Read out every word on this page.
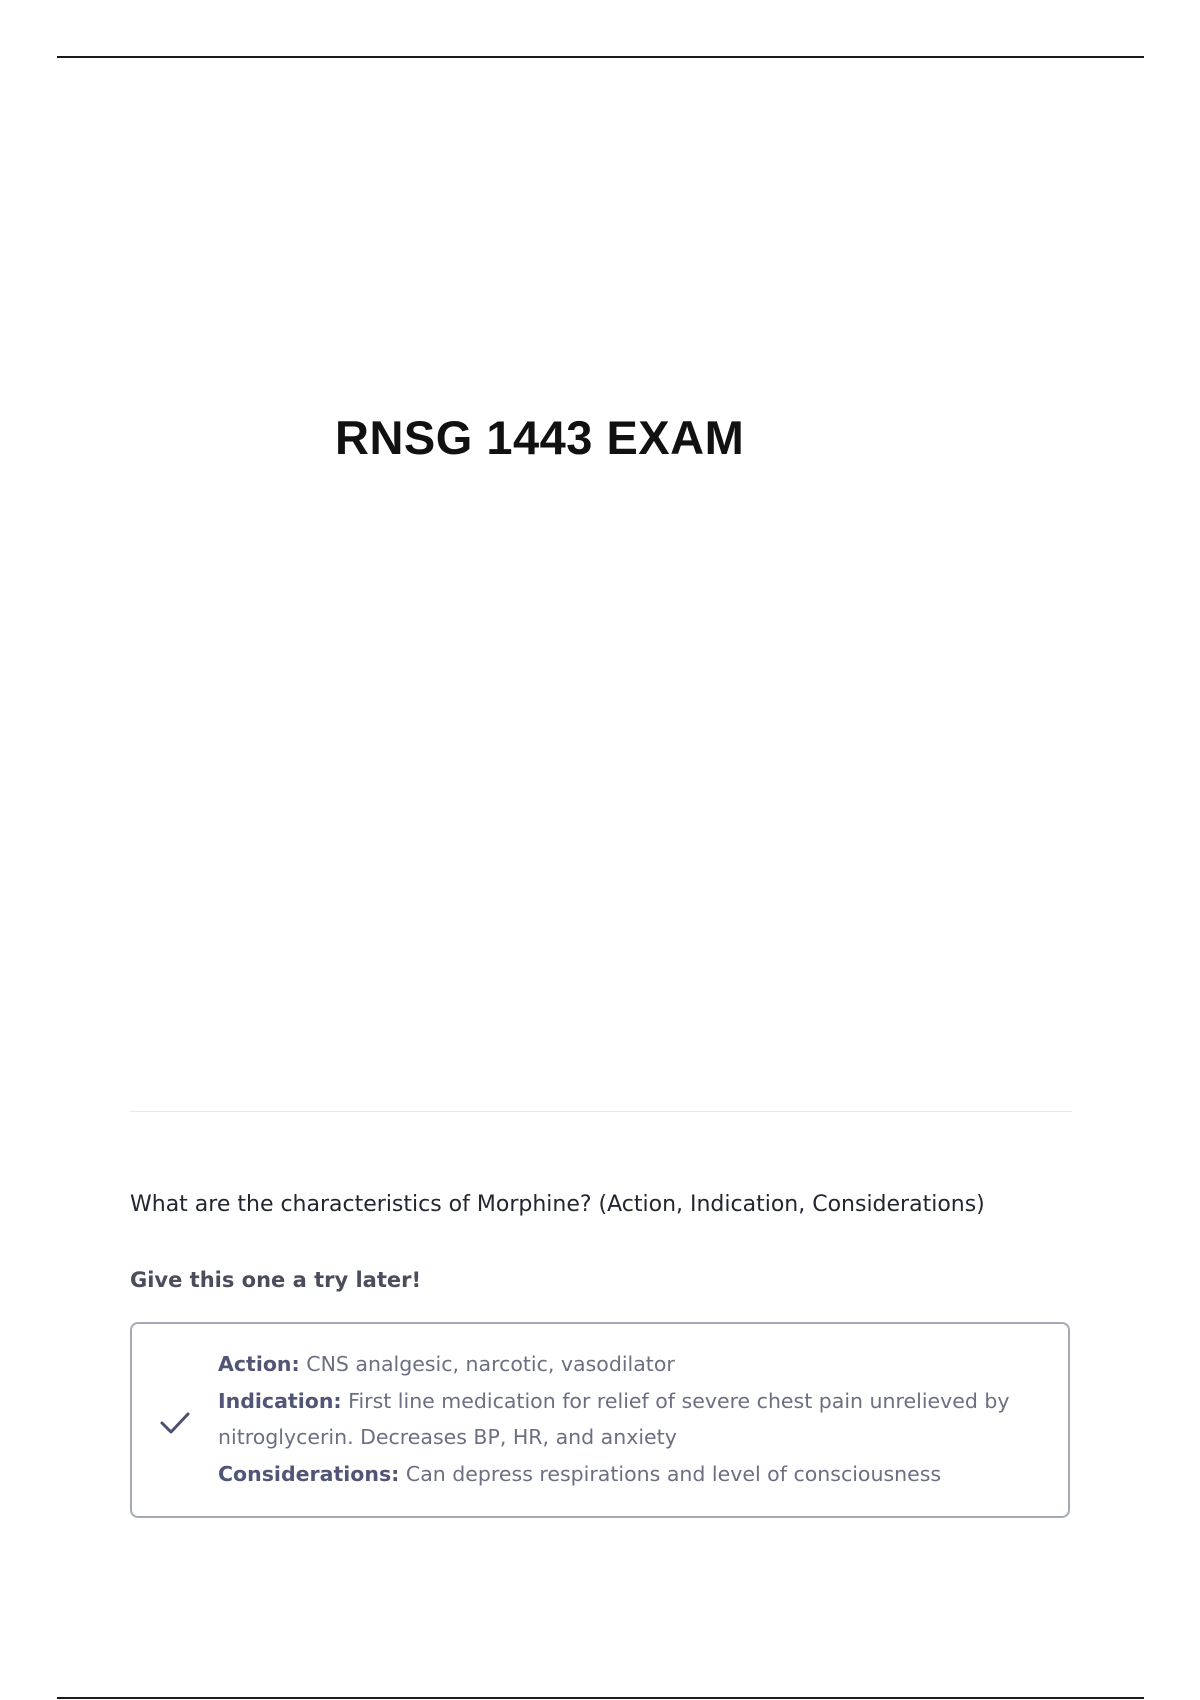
RNSG 1443 EXAM
What are the characteristics of Morphine? (Action, Indication, Considerations)
Give this one a try later!
Action: CNS analgesic, narcotic, vasodilator
Indication: First line medication for relief of severe chest pain unrelieved by nitroglycerin. Decreases BP, HR, and anxiety
Considerations: Can depress respirations and level of consciousness
